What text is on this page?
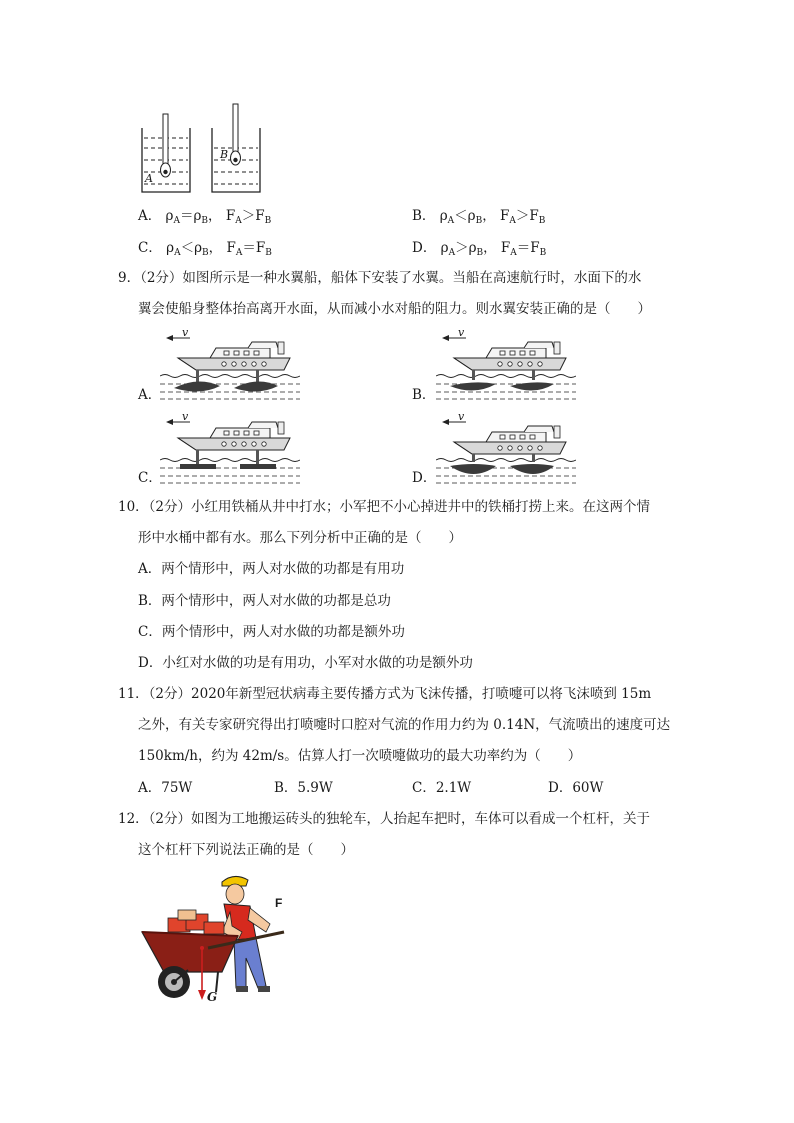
A
B
A． $\rho_A=\rho_B$， $F_A>F_B$	B． $\rho_A<\rho_B$， $F_A>F_B$
C． $\rho_A<\rho_B$， $F_A=F_B$	D． $\rho_A>\rho_B$， $F_A=F_B$
9．（2分）如图所示是一种水翼船，船体下安装了水翼。当船在高速航行时，水面下的水
翼会使船身整体抬高离开水面，从而减小水对船的阻力。则水翼安装正确的是（　　）
v	v
v	v
A．	B．
C．	D．
10．（2分）小红用铁桶从井中打水；小军把不小心掉进井中的铁桶打捞上来。在这两个情
形中水桶中都有水。那么下列分析中正确的是（　　）
A．两个情形中，两人对水做的功都是有用功
B．两个情形中，两人对水做的功都是总功
C．两个情形中，两人对水做的功都是额外功
D．小红对水做的功是有用功，小军对水做的功是额外功
11．（2分）2020年新型冠状病毒主要传播方式为飞沫传播，打喷嚏可以将飞沫喷到 15m
之外，有关专家研究得出打喷嚏时口腔对气流的作用力约为 0.14N，气流喷出的速度可达
150km/h，约为 42m/s。估算人打一次喷嚏做功的最大功率约为（　　）
A．75W	B．5.9W	C．2.1W	D．60W
12．（2分）如图为工地搬运砖头的独轮车，人抬起车把时，车体可以看成一个杠杆，关于
这个杠杆下列说法正确的是（　　）
F
G
